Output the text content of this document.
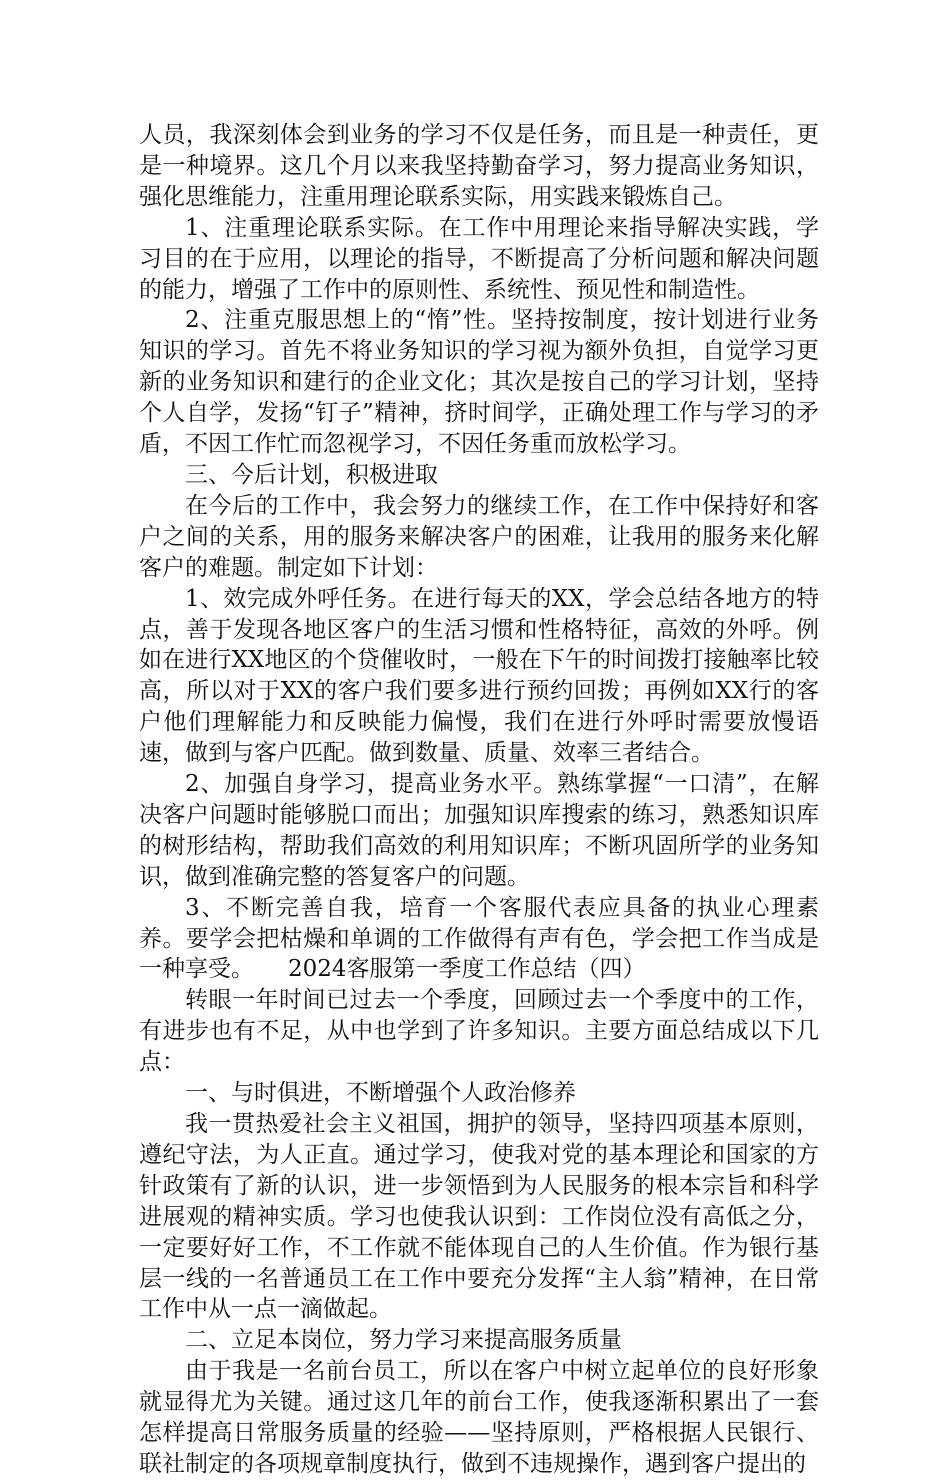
人员，我深刻体会到业务的学习不仅是任务，而且是一种责任，更是一种境界。这几个月以来我坚持勤奋学习，努力提高业务知识，强化思维能力，注重用理论联系实际，用实践来锻炼自己。

1、注重理论联系实际。在工作中用理论来指导解决实践，学习目的在于应用，以理论的指导，不断提高了分析问题和解决问题的能力，增强了工作中的原则性、系统性、预见性和制造性。

2、注重克服思想上的“惰”性。坚持按制度，按计划进行业务知识的学习。首先不将业务知识的学习视为额外负担，自觉学习更新的业务知识和建行的企业文化；其次是按自己的学习计划，坚持个人自学，发扬“钉子”精神，挤时间学，正确处理工作与学习的矛盾，不因工作忙而忽视学习，不因任务重而放松学习。

三、今后计划，积极进取

在今后的工作中，我会努力的继续工作，在工作中保持好和客户之间的关系，用的服务来解决客户的困难，让我用的服务来化解客户的难题。制定如下计划：

1、效完成外呼任务。在进行每天的XX，学会总结各地方的特点，善于发现各地区客户的生活习惯和性格特征，高效的外呼。例如在进行XX地区的个贷催收时，一般在下午的时间拨打接触率比较高，所以对于XX的客户我们要多进行预约回拨；再例如XX行的客户他们理解能力和反映能力偏慢，我们在进行外呼时需要放慢语速，做到与客户匹配。做到数量、质量、效率三者结合。

2、加强自身学习，提高业务水平。熟练掌握“一口清”，在解决客户问题时能够脱口而出；加强知识库搜索的练习，熟悉知识库的树形结构，帮助我们高效的利用知识库；不断巩固所学的业务知识，做到准确完整的答复客户的问题。

3、不断完善自我，培育一个客服代表应具备的执业心理素养。要学会把枯燥和单调的工作做得有声有色，学会把工作当成是一种享受。 2024客服第一季度工作总结（四）

转眼一年时间已过去一个季度，回顾过去一个季度中的工作，有进步也有不足，从中也学到了许多知识。主要方面总结成以下几点：

一、与时俱进，不断增强个人政治修养

我一贯热爱社会主义祖国，拥护的领导，坚持四项基本原则，遵纪守法，为人正直。通过学习，使我对党的基本理论和国家的方针政策有了新的认识，进一步领悟到为人民服务的根本宗旨和科学进展观的精神实质。学习也使我认识到：工作岗位没有高低之分，一定要好好工作，不工作就不能体现自己的人生价值。作为银行基层一线的一名普通员工在工作中要充分发挥“主人翁”精神，在日常工作中从一点一滴做起。

二、立足本岗位，努力学习来提高服务质量

由于我是一名前台员工，所以在客户中树立起单位的良好形象就显得尤为关键。通过这几年的前台工作，使我逐渐积累出了一套怎样提高日常服务质量的经验——坚持原则，严格根据人民银行、联社制定的各项规章制度执行，做到不违规操作，遇到客户提出的
